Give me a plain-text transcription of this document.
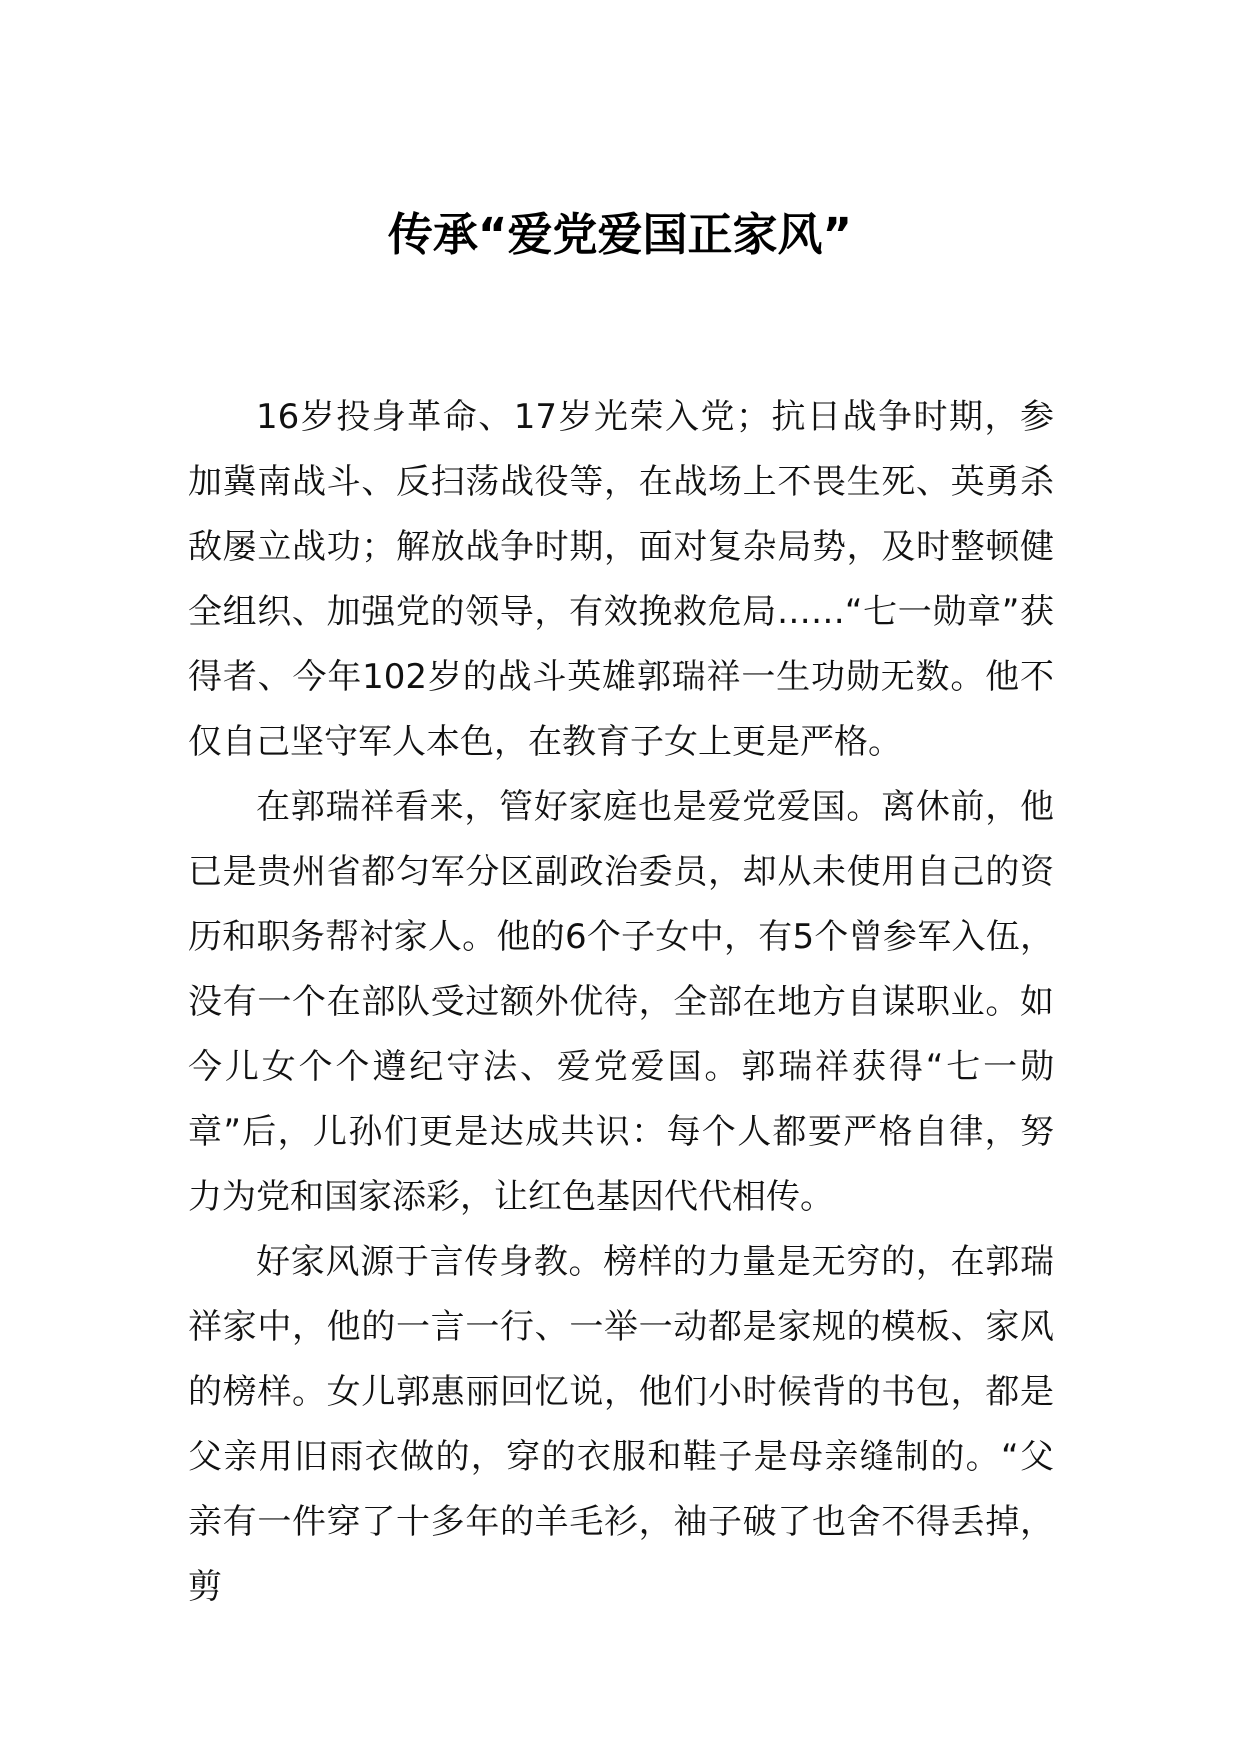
传承“爱党爱国正家风”

16岁投身革命、17岁光荣入党；抗日战争时期，参加冀南战斗、反扫荡战役等，在战场上不畏生死、英勇杀敌屡立战功；解放战争时期，面对复杂局势，及时整顿健全组织、加强党的领导，有效挽救危局……“七一勋章”获得者、今年102岁的战斗英雄郭瑞祥一生功勋无数。他不仅自己坚守军人本色，在教育子女上更是严格。

在郭瑞祥看来，管好家庭也是爱党爱国。离休前，他已是贵州省都匀军分区副政治委员，却从未使用自己的资历和职务帮衬家人。他的6个子女中，有5个曾参军入伍，没有一个在部队受过额外优待，全部在地方自谋职业。如今儿女个个遵纪守法、爱党爱国。郭瑞祥获得“七一勋章”后，儿孙们更是达成共识：每个人都要严格自律，努力为党和国家添彩，让红色基因代代相传。

好家风源于言传身教。榜样的力量是无穷的，在郭瑞祥家中，他的一言一行、一举一动都是家规的模板、家风的榜样。女儿郭惠丽回忆说，他们小时候背的书包，都是父亲用旧雨衣做的，穿的衣服和鞋子是母亲缝制的。“父亲有一件穿了十多年的羊毛衫，袖子破了也舍不得丢掉，剪
